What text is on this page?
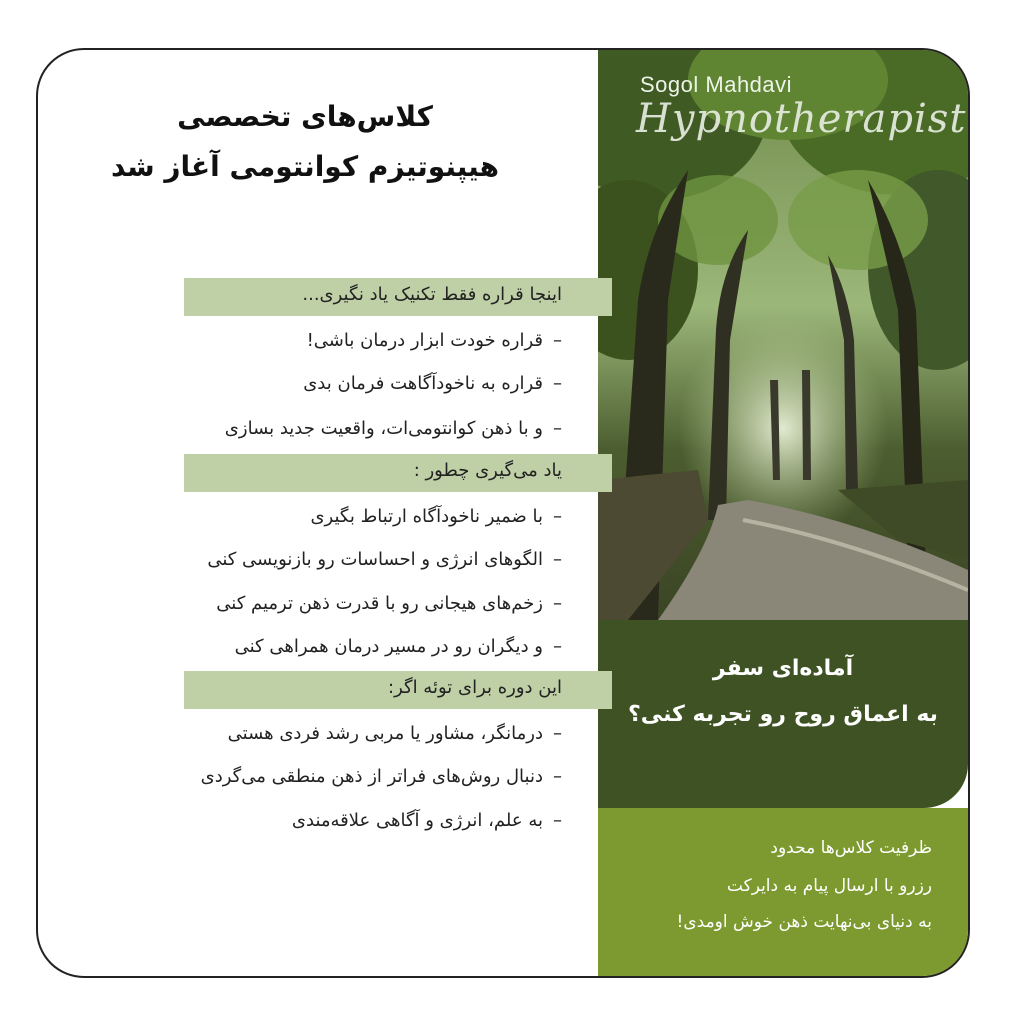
آماده‌ای سفر
به اعماق روح رو تجربه کنی؟
ظرفیت کلاس‌ها محدود
رزرو با ارسال پیام به دایرکت
به دنیای بی‌نهایت ذهن خوش اومدی!
Sogol Mahdavi
Hypnotherapist
کلاس‌های تخصصی
هیپنوتیزم کوانتومی آغاز شد
اینجا قراره فقط تکنیک یاد نگیری...
–قراره خودت ابزار درمان باشی!
–قراره به ناخودآگاهت فرمان بدی
–و با ذهن کوانتومی‌ات، واقعیت جدید بسازی
یاد می‌گیری چطور :
–با ضمیر ناخودآگاه ارتباط بگیری
–الگوهای انرژی و احساسات رو بازنویسی کنی
–زخم‌های هیجانی رو با قدرت ذهن ترمیم کنی
–و دیگران رو در مسیر درمان همراهی کنی
این دوره برای توئه اگر:
–درمانگر، مشاور یا مربی رشد فردی هستی
–دنبال روش‌های فراتر از ذهن منطقی می‌گردی
–به علم، انرژی و آگاهی علاقه‌مندی
